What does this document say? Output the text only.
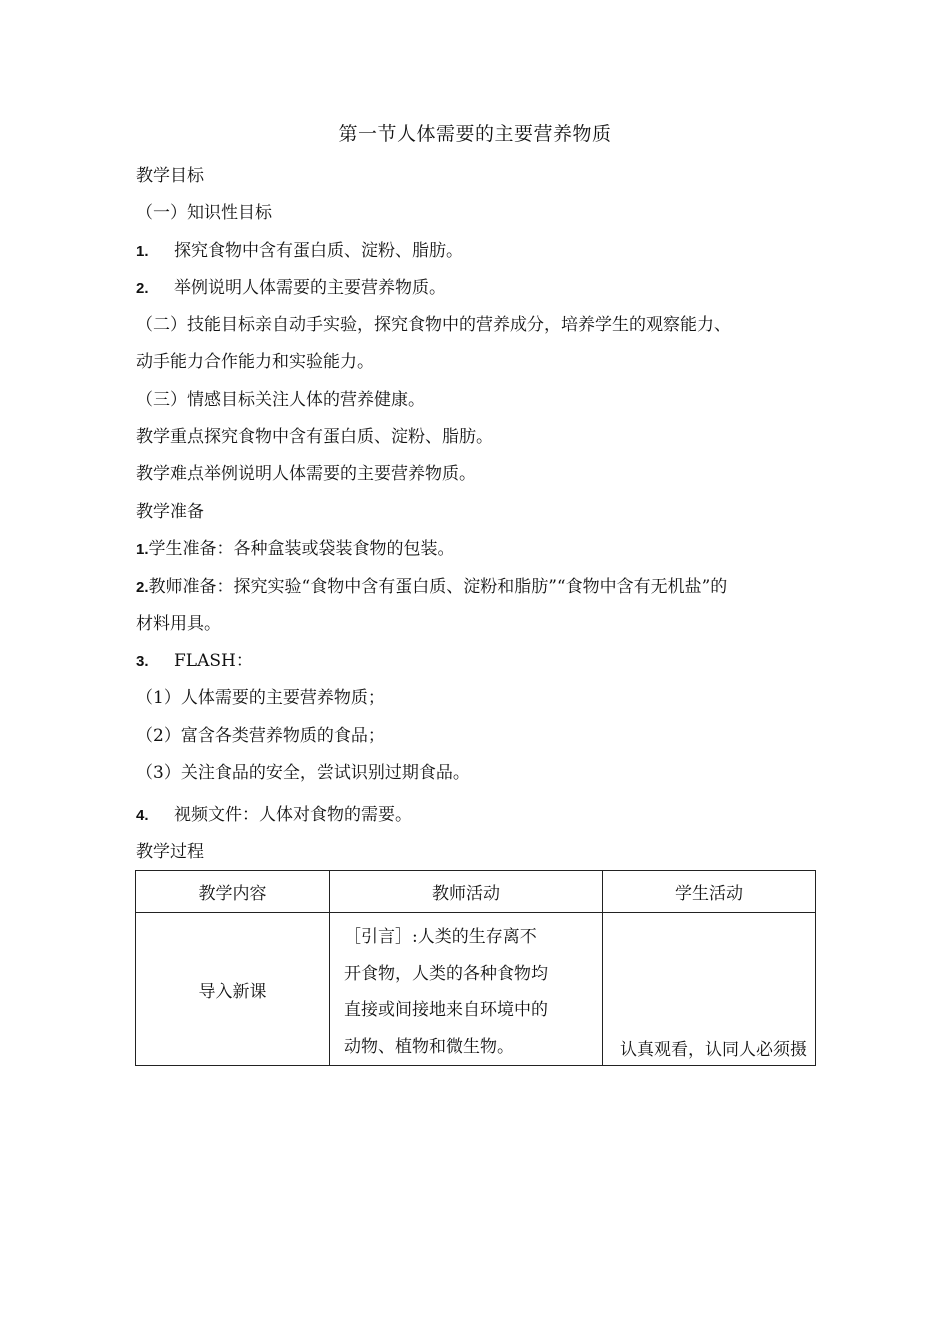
第一节人体需要的主要营养物质
教学目标
（一）知识性目标
1. 探究食物中含有蛋白质、淀粉、脂肪。
2. 举例说明人体需要的主要营养物质。
（二）技能目标亲自动手实验，探究食物中的营养成分，培养学生的观察能力、
动手能力合作能力和实验能力。
（三）情感目标关注人体的营养健康。
教学重点探究食物中含有蛋白质、淀粉、脂肪。
教学难点举例说明人体需要的主要营养物质。
教学准备
1.学生准备：各种盒装或袋装食物的包装。
2.教师准备：探究实验“食物中含有蛋白质、淀粉和脂肪”“食物中含有无机盐”的
材料用具。
3. FLASH：
（1）人体需要的主要营养物质；
（2）富含各类营养物质的食品；
（3）关注食品的安全，尝试识别过期食品。
4. 视频文件：人体对食物的需要。
教学过程
教学内容	教师活动	学生活动
导入新课	［引言］:人类的生存离不
开食物，人类的各种食物均
直接或间接地来自环境中的
动物、植物和微生物。	认真观看，认同人必须摄
